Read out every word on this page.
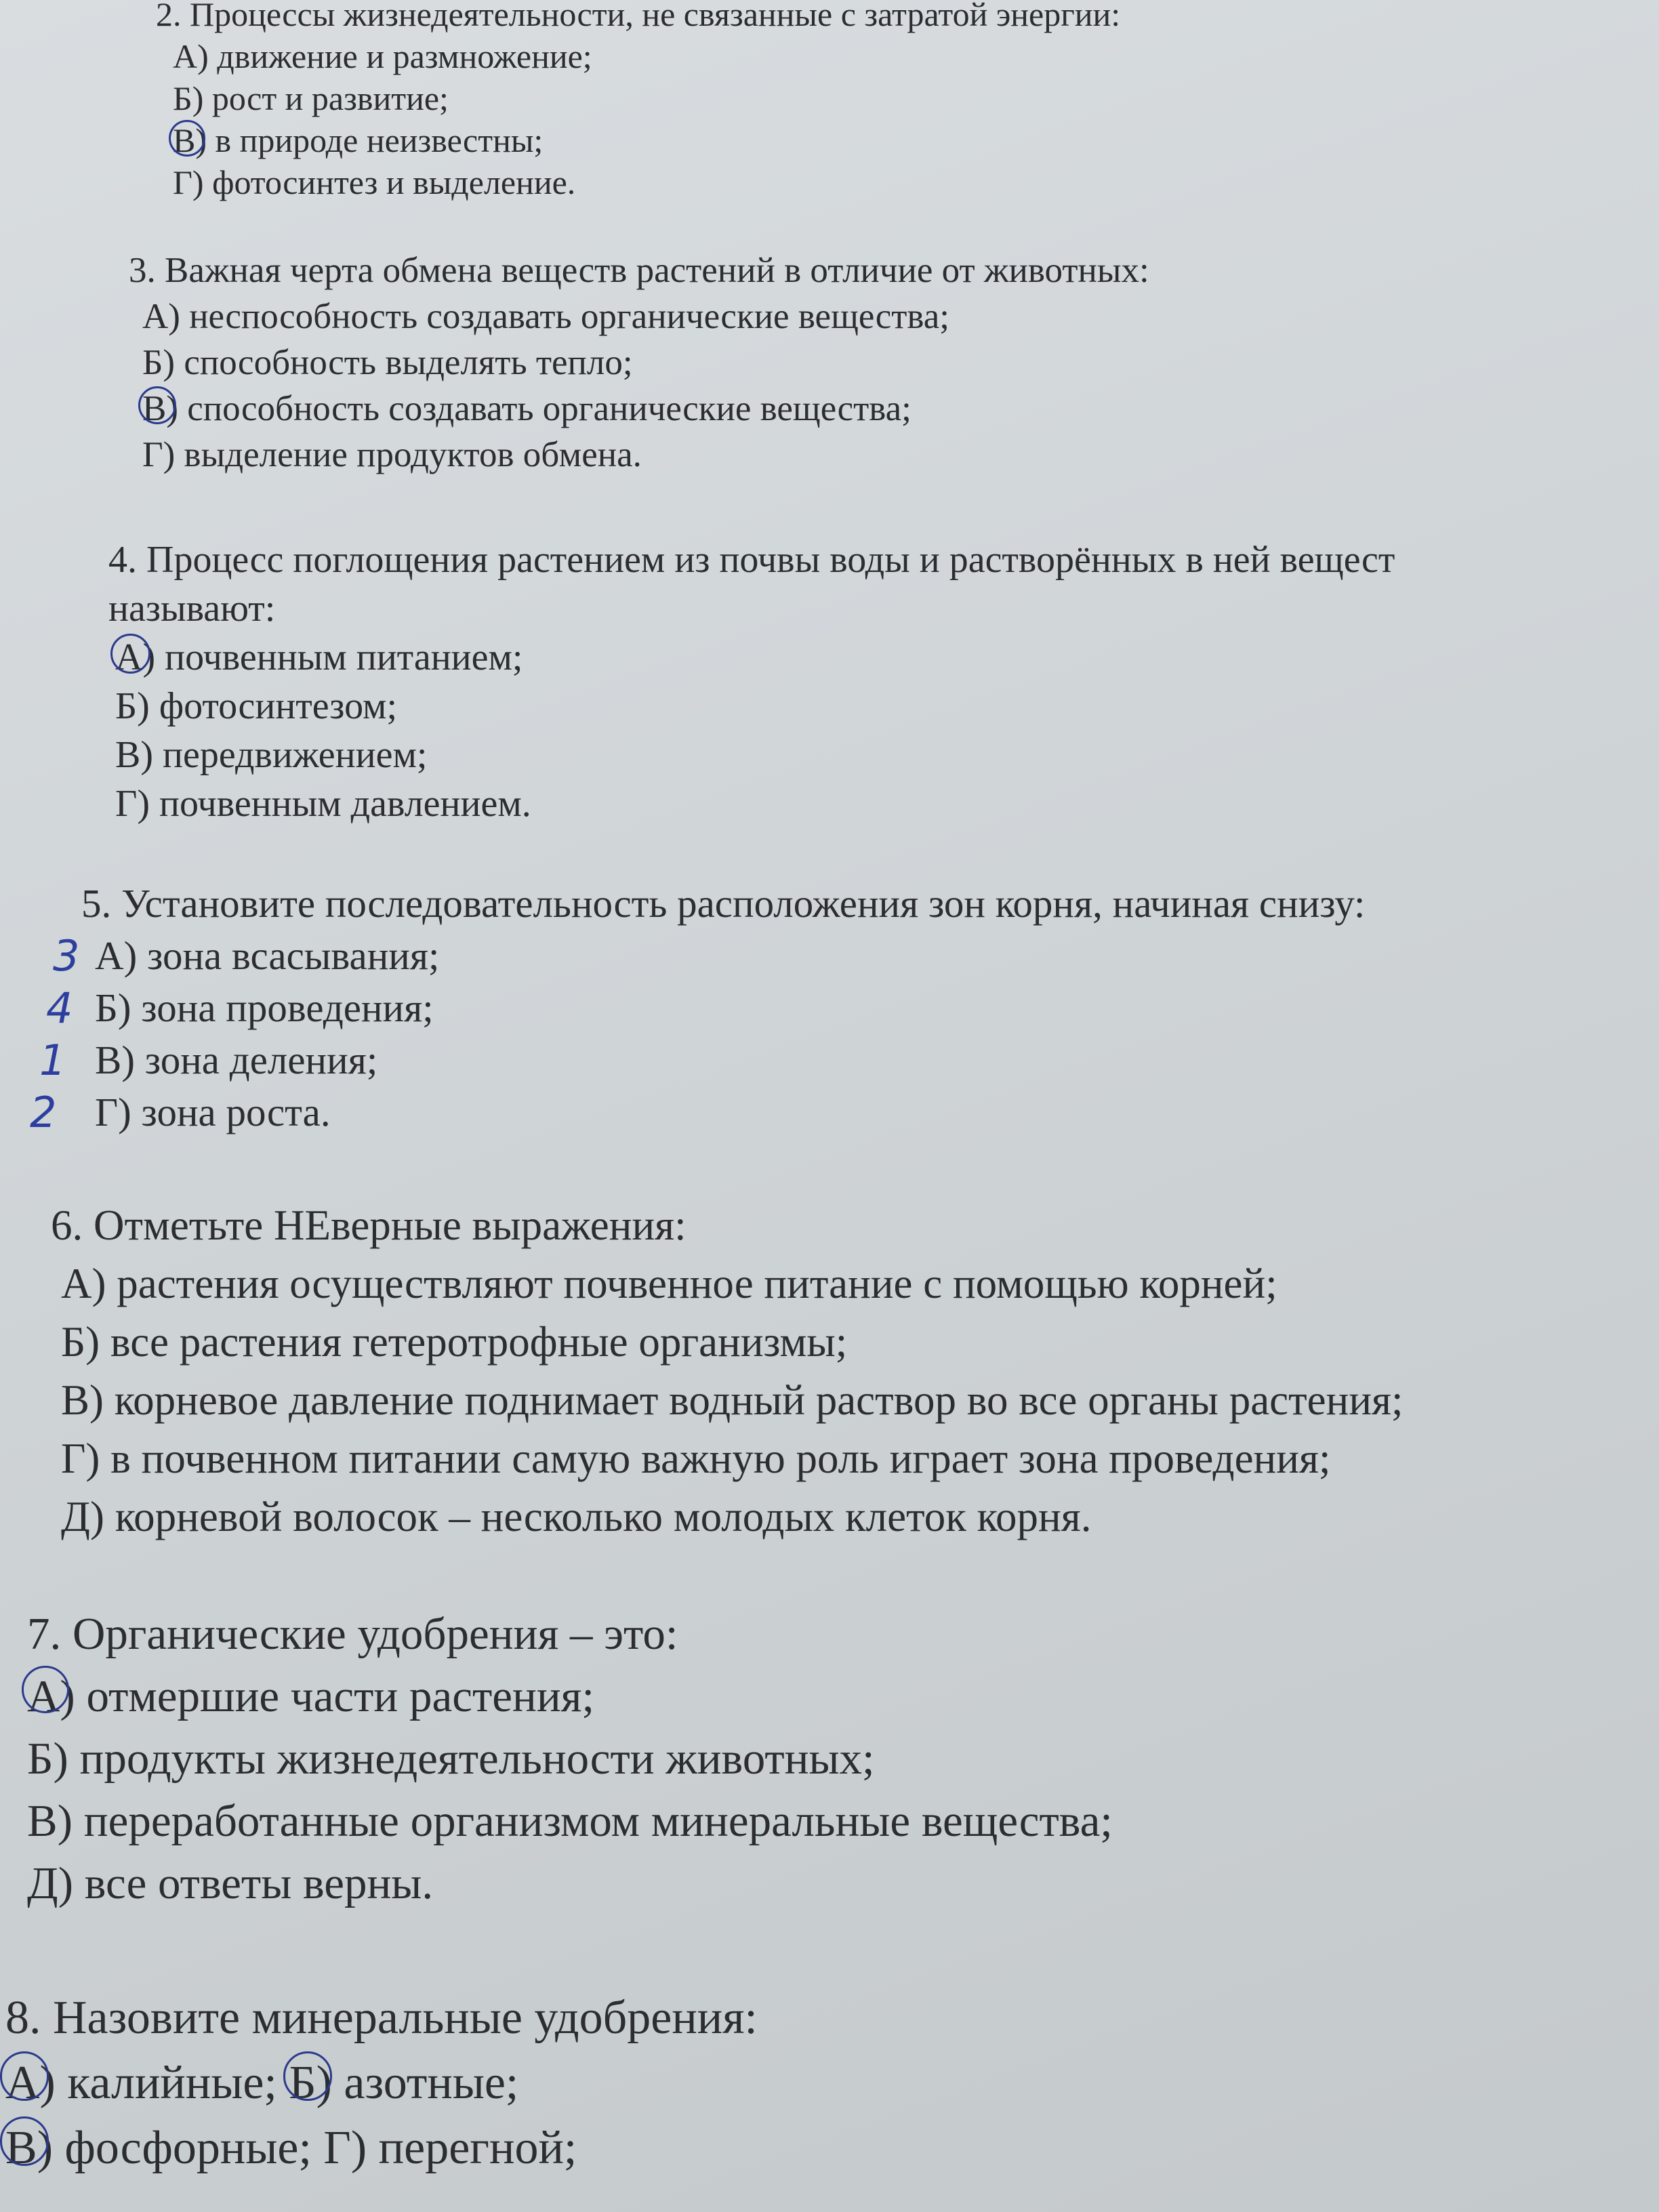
2. Процессы жизнедеятельности, не связанные с затратой энергии:
А) движение и размножение;
Б) рост и развитие;
В) в природе неизвестны;
Г) фотосинтез и выделение.
3. Важная черта обмена веществ растений в отличие от животных:
А) неспособность создавать органические вещества;
Б) способность выделять тепло;
В) способность создавать органические вещества;
Г) выделение продуктов обмена.
4. Процесс поглощения растением из почвы воды и растворённых в ней вещест
называют:
А) почвенным питанием;
Б) фотосинтезом;
В) передвижением;
Г) почвенным давлением.
5. Установите последовательность расположения зон корня, начиная снизу:
3 А) зона всасывания;
4 Б) зона проведения;
1 В) зона деления;
2 Г) зона роста.
6. Отметьте НЕверные выражения:
А) растения осуществляют почвенное питание с помощью корней;
Б) все растения гетеротрофные организмы;
В) корневое давление поднимает водный раствор во все органы растения;
Г) в почвенном питании самую важную роль играет зона проведения;
Д) корневой волосок – несколько молодых клеток корня.
7. Органические удобрения – это:
А) отмершие части растения;
Б) продукты жизнедеятельности животных;
В) переработанные организмом минеральные вещества;
Д) все ответы верны.
8. Назовите минеральные удобрения:
А) калийные; Б) азотные;
В) фосфорные; Г) перегной;
